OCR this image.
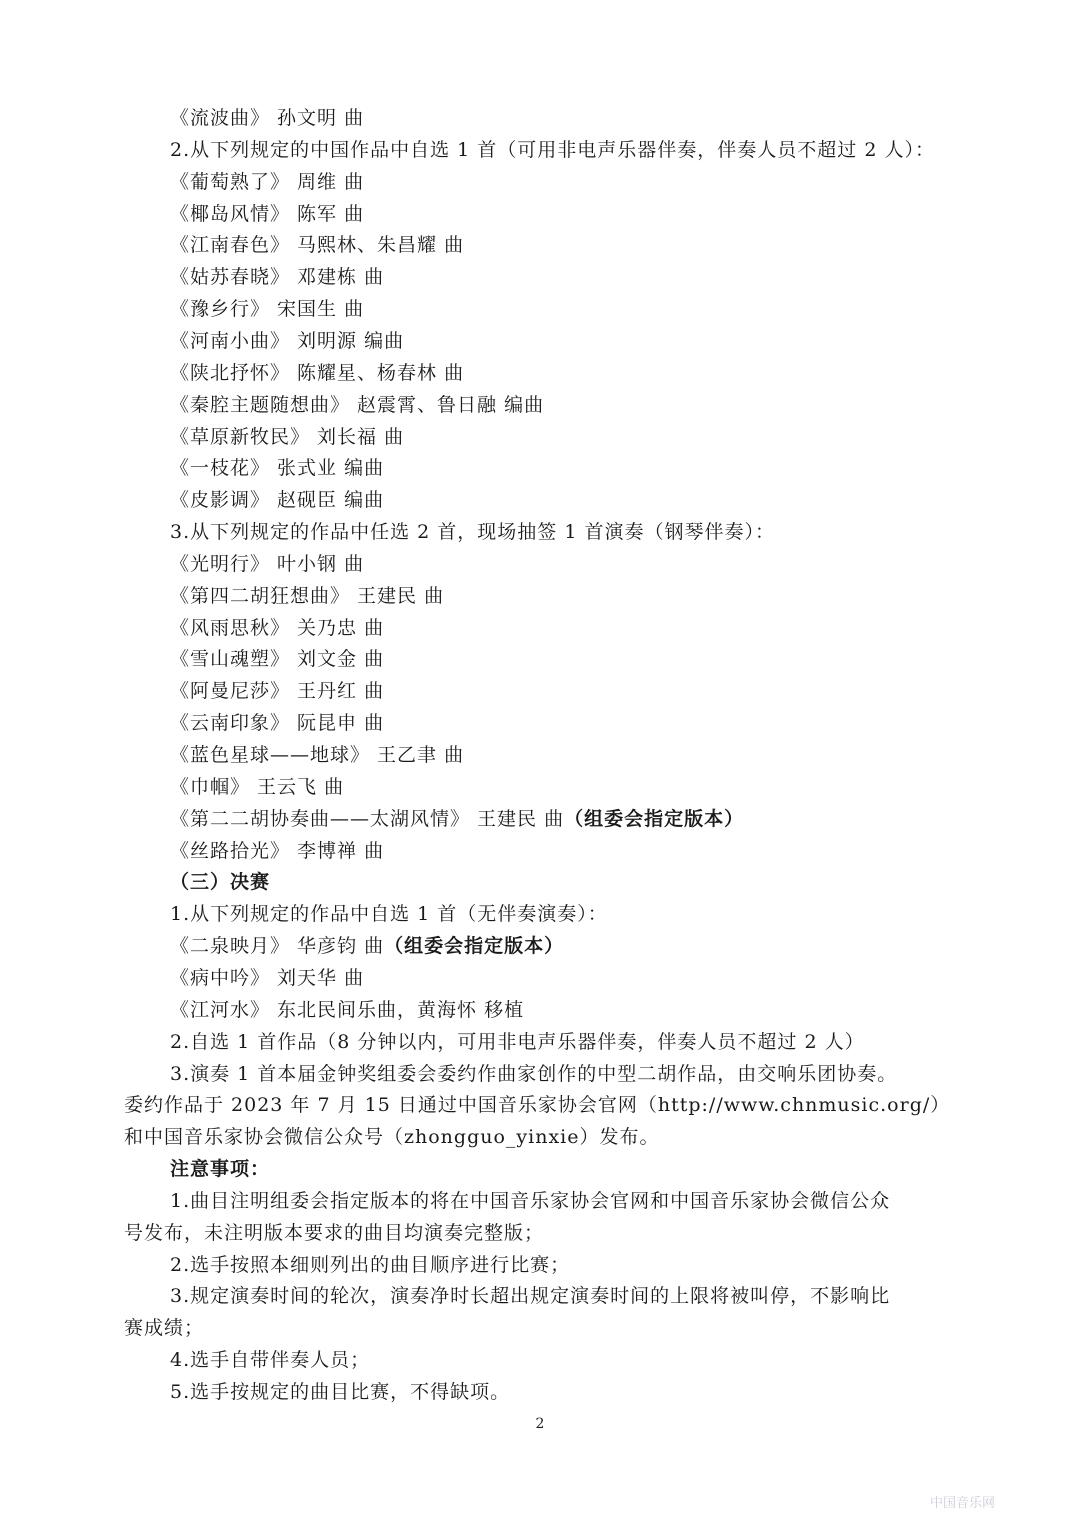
《流波曲》 孙文明 曲
2.从下列规定的中国作品中自选 1 首（可用非电声乐器伴奏，伴奏人员不超过 2 人）：
《葡萄熟了》 周维 曲
《椰岛风情》 陈军 曲
《江南春色》 马熙林、朱昌耀 曲
《姑苏春晓》 邓建栋 曲
《豫乡行》 宋国生 曲
《河南小曲》 刘明源 编曲
《陕北抒怀》 陈耀星、杨春林 曲
《秦腔主题随想曲》 赵震霄、鲁日融 编曲
《草原新牧民》 刘长福 曲
《一枝花》 张式业 编曲
《皮影调》 赵砚臣 编曲
3.从下列规定的作品中任选 2 首，现场抽签 1 首演奏（钢琴伴奏）：
《光明行》 叶小钢 曲
《第四二胡狂想曲》 王建民 曲
《风雨思秋》 关乃忠 曲
《雪山魂塑》 刘文金 曲
《阿曼尼莎》 王丹红 曲
《云南印象》 阮昆申 曲
《蓝色星球——地球》 王乙聿 曲
《巾帼》 王云飞 曲
《第二二胡协奏曲——太湖风情》 王建民 曲（组委会指定版本）
《丝路拾光》 李博禅 曲
（三）决赛
1.从下列规定的作品中自选 1 首（无伴奏演奏）：
《二泉映月》 华彦钧 曲（组委会指定版本）
《病中吟》 刘天华 曲
《江河水》 东北民间乐曲，黄海怀 移植
2.自选 1 首作品（8 分钟以内，可用非电声乐器伴奏，伴奏人员不超过 2 人）
3.演奏 1 首本届金钟奖组委会委约作曲家创作的中型二胡作品，由交响乐团协奏。
委约作品于 2023 年 7 月 15 日通过中国音乐家协会官网（http://www.chnmusic.org/）
和中国音乐家协会微信公众号（zhongguo_yinxie）发布。
注意事项：
1.曲目注明组委会指定版本的将在中国音乐家协会官网和中国音乐家协会微信公众
号发布，未注明版本要求的曲目均演奏完整版；
2.选手按照本细则列出的曲目顺序进行比赛；
3.规定演奏时间的轮次，演奏净时长超出规定演奏时间的上限将被叫停，不影响比
赛成绩；
4.选手自带伴奏人员；
5.选手按规定的曲目比赛，不得缺项。
2
中国音乐网
